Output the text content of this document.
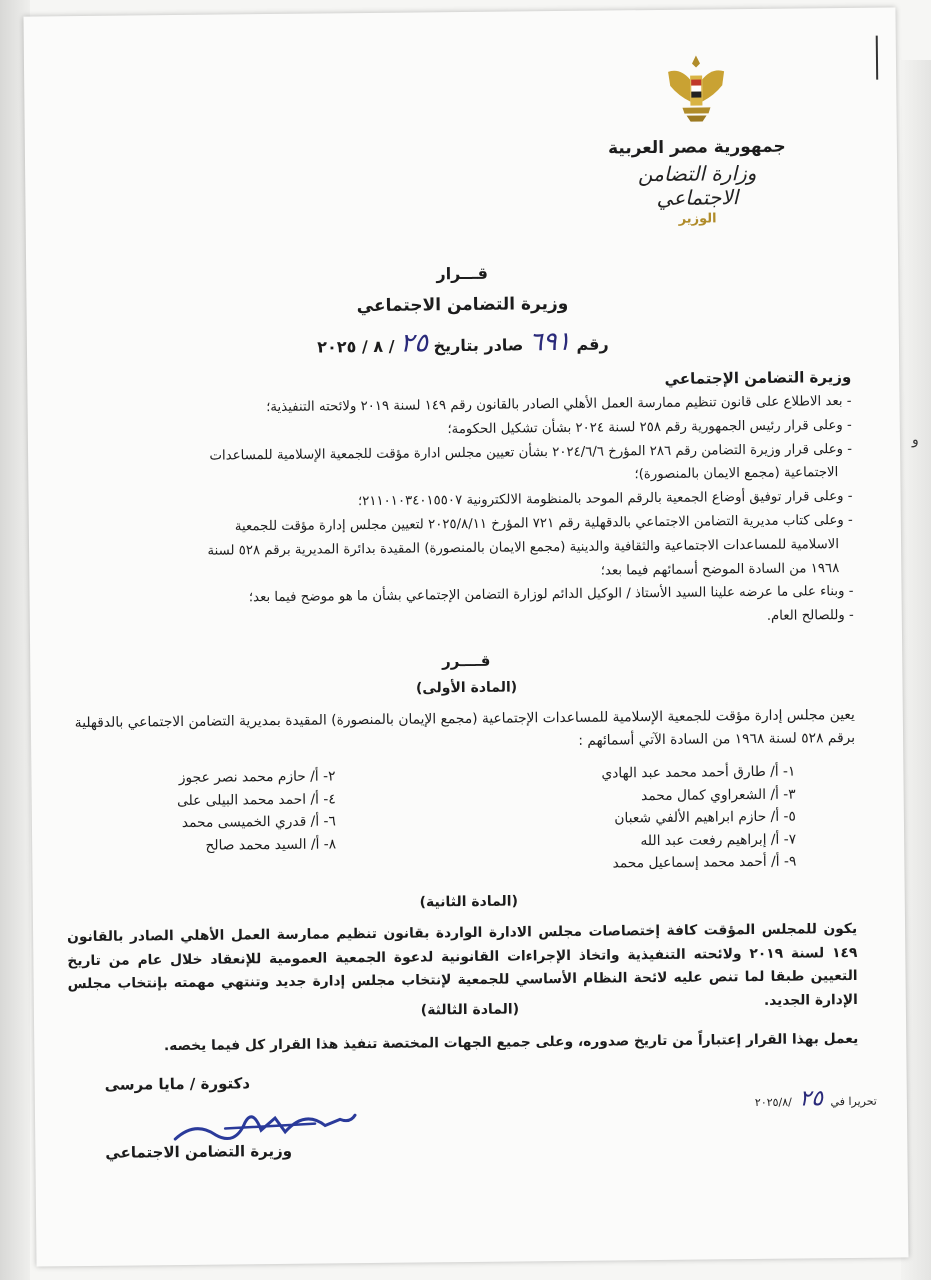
و
جمهورية مصر العربية
وزارة التضامن الاجتماعي
الوزير
قـــرار
وزيرة التضامن الاجتماعي
رقم ٦٩١ صادر بتاريخ ٢٥ / ٨ / ٢٠٢٥
وزيرة التضامن الإجتماعي

- بعد الاطلاع على قانون تنظيم ممارسة العمل الأهلي الصادر بالقانون رقم ١٤٩ لسنة ٢٠١٩ ولائحته التنفيذية؛

- وعلى قرار رئيس الجمهورية رقم ٢٥٨ لسنة ٢٠٢٤ بشأن تشكيل الحكومة؛

- وعلى قرار وزيرة التضامن رقم ٢٨٦ المؤرخ ٢٠٢٤/٦/٦ بشأن تعيين مجلس ادارة مؤقت للجمعية الإسلامية للمساعدات

الاجتماعية (مجمع الايمان بالمنصورة)؛

- وعلى قرار توفيق أوضاع الجمعية بالرقم الموحد بالمنظومة الالكترونية ٢١١٠١٠٣٤٠١٥٥٠٧؛

- وعلى كتاب مديرية التضامن الاجتماعي بالدقهلية رقم ٧٢١ المؤرخ ٢٠٢٥/٨/١١ لتعيين مجلس إدارة مؤقت للجمعية

الاسلامية للمساعدات الاجتماعية والثقافية والدينية (مجمع الايمان بالمنصورة) المقيدة بدائرة المديرية برقم ٥٢٨ لسنة

١٩٦٨ من السادة الموضح أسمائهم فيما بعد؛

- وبناء على ما عرضه علينا السيد الأستاذ / الوكيل الدائم لوزارة التضامن الإجتماعي بشأن ما هو موضح فيما بعد؛

- وللصالح العام.

قــــرر
(المادة الأولى)
يعين مجلس إدارة مؤقت للجمعية الإسلامية للمساعدات الإجتماعية (مجمع الإيمان بالمنصورة) المقيدة بمديرية التضامن الاجتماعي بالدقهلية برقم ٥٢٨ لسنة ١٩٦٨ من السادة الآتي أسمائهم :

١- أ/ طارق أحمد محمد عبد الهادي

٣- أ/ الشعراوي كمال محمد

٥- أ/ حازم ابراهيم الألفي شعبان

٧- أ/ إبراهيم رفعت عبد الله

٩- أ/ أحمد محمد إسماعيل محمد

٢- أ/ حازم محمد نصر عجوز

٤- أ/ احمد محمد البيلى على

٦- أ/ قدري الخميسى محمد

٨- أ/ السيد محمد صالح

(المادة الثانية)
يكون للمجلس المؤقت كافة إختصاصات مجلس الادارة الواردة بقانون تنظيم ممارسة العمل الأهلي الصادر بالقانون ١٤٩ لسنة ٢٠١٩ ولائحته التنفيذية واتخاذ الإجراءات القانونية لدعوة الجمعية العمومية للإنعقاد خلال عام من تاريخ التعيين طبقا لما تنص عليه لائحة النظام الأساسي للجمعية لإنتخاب مجلس إدارة جديد وتنتهي مهمته بإنتخاب مجلس الإدارة الجديد.
(المادة الثالثة)
يعمل بهذا القرار إعتباراً من تاريخ صدوره، وعلى جميع الجهات المختصة تنفيذ هذا القرار كل فيما يخصه.
دكتورة / مايا مرسى
وزيرة التضامن الاجتماعي
تحريرا في ٢٥ /٢٠٢٥/٨
